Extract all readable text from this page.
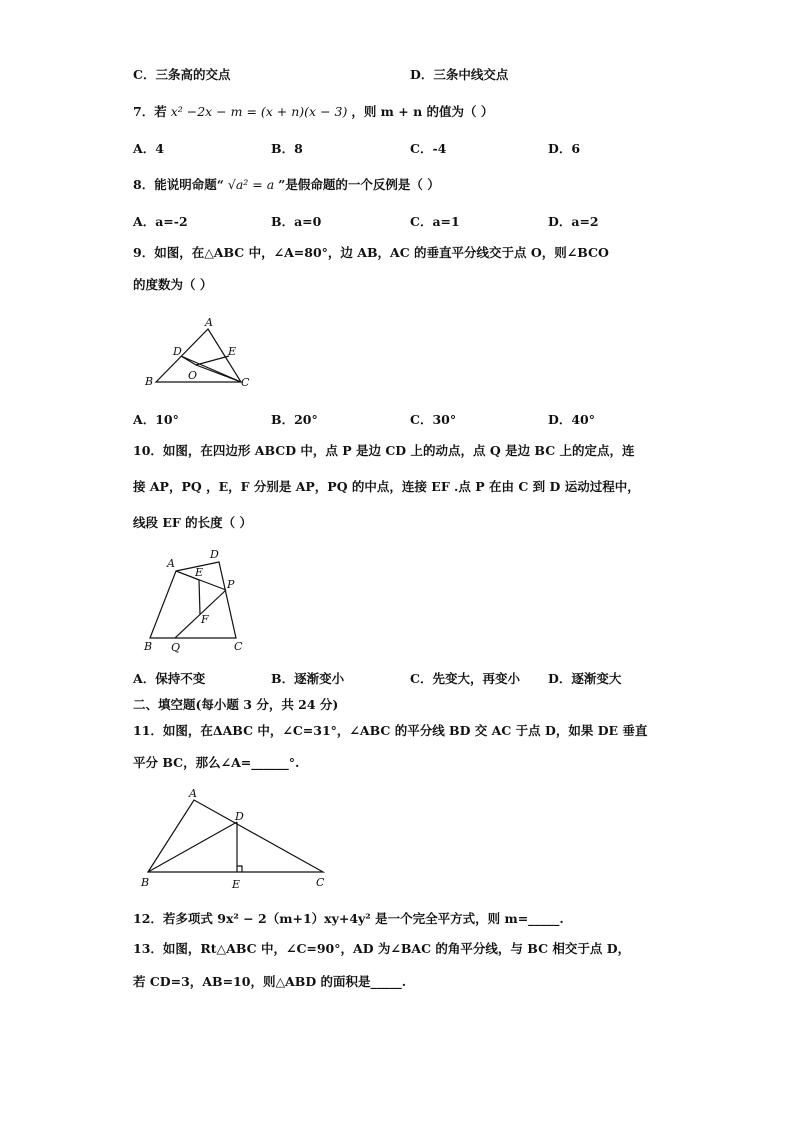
C．三条高的交点	D．三条中线交点
7．若 x² −2x − m = (x + n)(x − 3) ，则 m + n 的值为（ ）
A．4	B．8	C．-4	D．6
8．能说明命题“ √a² = a ”是假命题的一个反例是（ ）
A．a=-2	B．a=0	C．a=1	D．a=2
9．如图，在△ABC 中，∠A=80°，边 AB，AC 的垂直平分线交于点 O，则∠BCO
的度数为（ ）
A
B	C
D	E
O
A．10°	B．20°	C．30°	D．40°
10．如图，在四边形 ABCD 中，点 P 是边 CD 上的动点，点 Q 是边 BC 上的定点，连
接 AP，PQ ，E，F 分别是 AP，PQ 的中点，连接 EF .点 P 在由 C 到 D 运动过程中，
线段 EF 的长度（ ）
A
D
E
P
F
B Q	C
A．保持不变	B．逐渐变小	C．先变大，再变小 D．逐渐变大
二、填空题(每小题 3 分，共 24 分)
11．如图，在ΔABC 中，∠C=31°，∠ABC 的平分线 BD 交 AC 于点 D，如果 DE 垂直
平分 BC，那么∠A=______°.
A
B	C
D
E
12．若多项式 9x² − 2（m+1）xy+4y² 是一个完全平方式，则 m=_____.
13．如图，Rt△ABC 中，∠C=90°，AD 为∠BAC 的角平分线，与 BC 相交于点 D，
若 CD=3，AB=10，则△ABD 的面积是_____.
